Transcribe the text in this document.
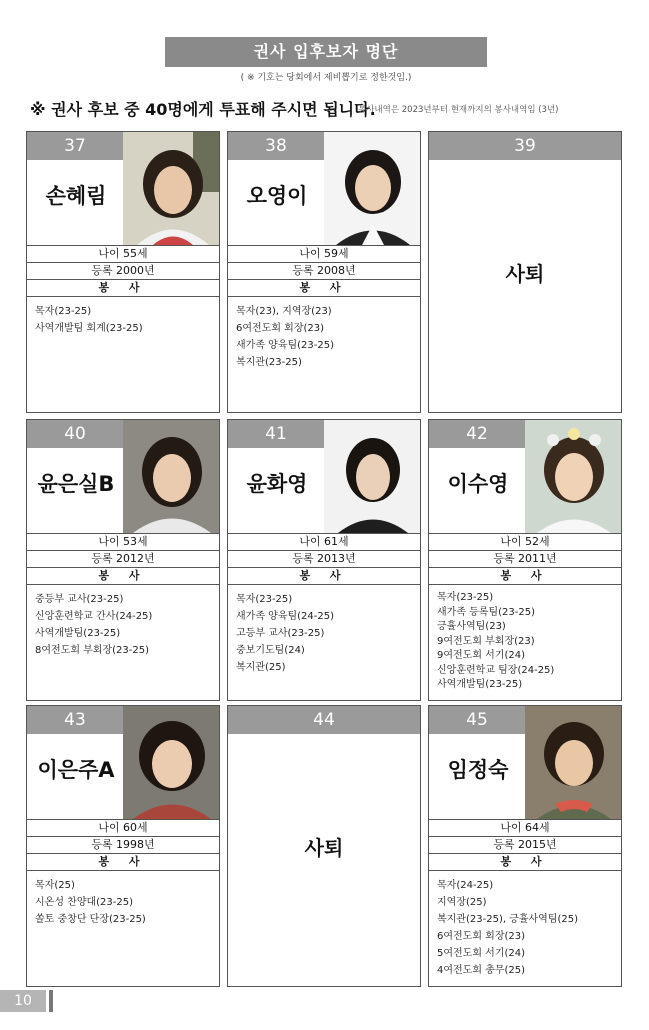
권사 입후보자 명단
( ※ 기호는 당회에서 제비뽑기로 정한것임.)
※ 권사 후보 중 40명에게 투표해 주시면 됩니다.
봉사내역은 2023년부터 현재까지의 봉사내역임 (3년)
37
손혜림
나이 55세
등록 2000년
봉 사
목자(23-25)
사역개발팀 회계(23-25)
38
오영이
나이 59세
등록 2008년
봉 사
목자(23), 지역장(23)
6여전도회 회장(23)
새가족 양육팀(23-25)
복지관(23-25)
39
사퇴
40
윤은실B
나이 53세
등록 2012년
봉 사
중등부 교사(23-25)
신앙훈련학교 간사(24-25)
사역개발팀(23-25)
8여전도회 부회장(23-25)
41
윤화영
나이 61세
등록 2013년
봉 사
목자(23-25)
새가족 양육팀(24-25)
고등부 교사(23-25)
중보기도팀(24)
복지관(25)
42
이수영
나이 52세
등록 2011년
봉 사
목자(23-25)
새가족 등록팀(23-25)
긍휼사역팀(23)
9여전도회 부회장(23)
9여전도회 서기(24)
신앙훈련학교 팀장(24-25)
사역개발팀(23-25)
43
이은주A
나이 60세
등록 1998년
봉 사
목자(25)
시온성 찬양대(23-25)
쏠토 중창단 단장(23-25)
44
사퇴
45
임정숙
나이 64세
등록 2015년
봉 사
목자(24-25)
지역장(25)
복지관(23-25), 긍휼사역팀(25)
6여전도회 회장(23)
5여전도회 서기(24)
4여전도회 총무(25)
10
